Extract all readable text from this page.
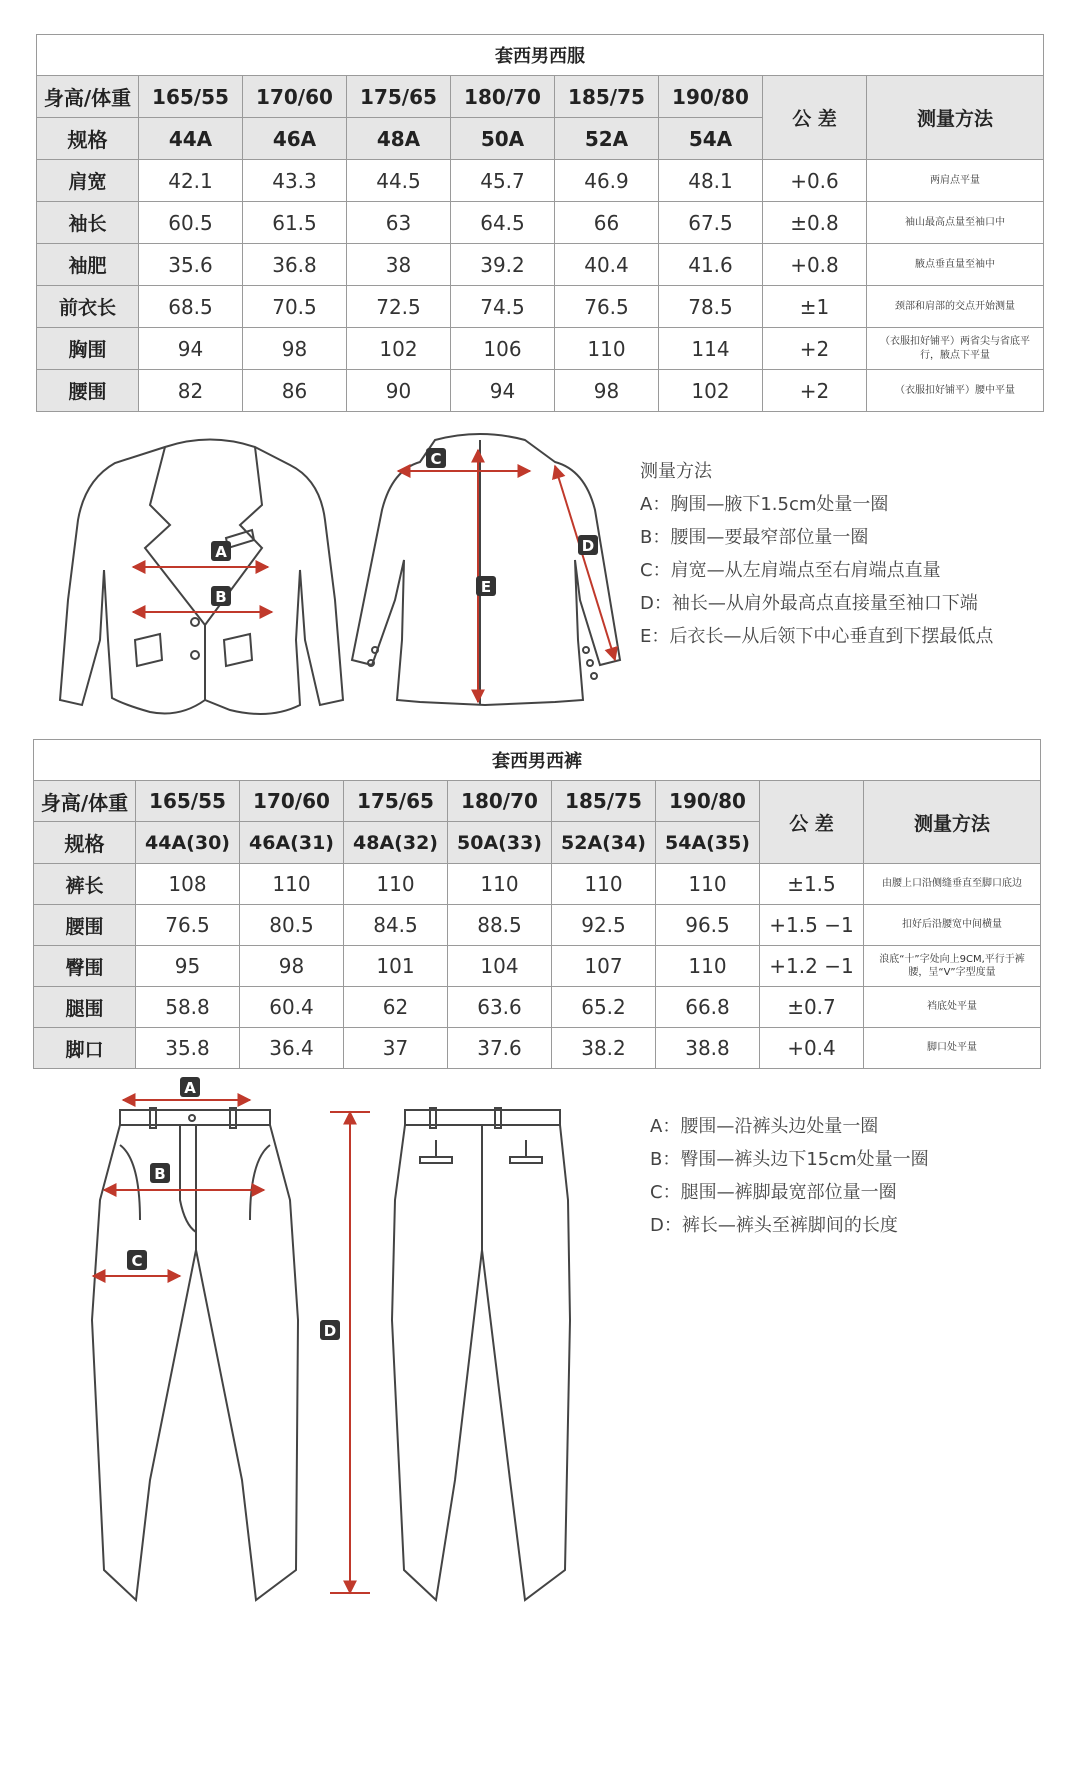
套西男西服								
身高/体重	165/55	170/60	175/65	180/70	185/75	190/80	公 差	测量方法
规格	44A	46A	48A	50A	52A	54A		
肩宽	42.1	43.3	44.5	45.7	46.9	48.1	+0.6	两肩点平量
袖长	60.5	61.5	63	64.5	66	67.5	±0.8	袖山最高点量至袖口中
袖肥	35.6	36.8	38	39.2	40.4	41.6	+0.8	腋点垂直量至袖中
前衣长	68.5	70.5	72.5	74.5	76.5	78.5	±1	颈部和肩部的交点开始测量
胸围	94	98	102	106	110	114	+2	（衣服扣好铺平）两省尖与省底平行，腋点下平量
腰围	82	86	90	94	98	102	+2	（衣服扣好铺平）腰中平量
套西男西裤								
身高/体重	165/55	170/60	175/65	180/70	185/75	190/80	公 差	测量方法
规格	44A(30)	46A(31)	48A(32)	50A(33)	52A(34)	54A(35)		
裤长	108	110	110	110	110	110	±1.5	由腰上口沿侧缝垂直至脚口底边
腰围	76.5	80.5	84.5	88.5	92.5	96.5	+1.5 −1	扣好后沿腰宽中间横量
臀围	95	98	101	104	107	110	+1.2 −1	浪底“十”字处向上9CM,平行于裤腰，呈“V”字型度量
腿围	58.8	60.4	62	63.6	65.2	66.8	±0.7	裆底处平量
脚口	35.8	36.4	37	37.6	38.2	38.8	+0.4	脚口处平量
A
B
C
D
E
A
B
C
D
测量方法
A：胸围—腋下1.5cm处量一圈
B：腰围—要最窄部位量一圈
C：肩宽—从左肩端点至右肩端点直量
D：袖长—从肩外最高点直接量至袖口下端
E：后衣长—从后领下中心垂直到下摆最低点
A：腰围—沿裤头边处量一圈
B：臀围—裤头边下15cm处量一圈
C：腿围—裤脚最宽部位量一圈
D：裤长—裤头至裤脚间的长度
